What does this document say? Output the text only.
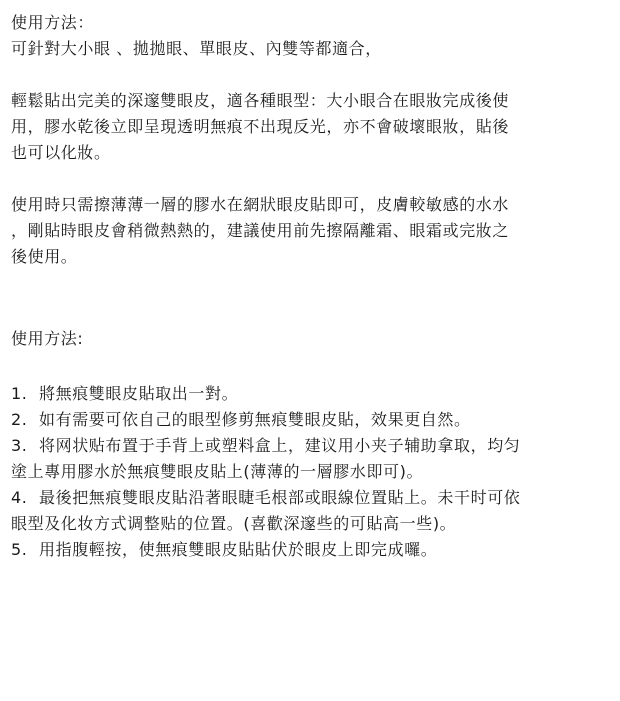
使用方法：
可針對大小眼 、拋拋眼、單眼皮、內雙等都適合，
輕鬆貼出完美的深邃雙眼皮，適各種眼型：大小眼合在眼妝完成後使
用，膠水乾後立即呈現透明無痕不出現反光，亦不會破壞眼妝，貼後
也可以化妝。
使用時只需擦薄薄一層的膠水在網狀眼皮貼即可，皮膚較敏感的水水
，剛貼時眼皮會稍微熱熱的，建議使用前先擦隔離霜、眼霜或完妝之
後使用。
使用方法:
1. 將無痕雙眼皮貼取出一對。
2. 如有需要可依自己的眼型修剪無痕雙眼皮貼，效果更自然。
3. 将网状贴布置于手背上或塑料盒上，建议用小夹子辅助拿取，均匀
塗上專用膠水於無痕雙眼皮貼上(薄薄的一層膠水即可)。
4. 最後把無痕雙眼皮貼沿著眼睫毛根部或眼線位置貼上。未干时可依
眼型及化妆方式调整贴的位置。(喜歡深邃些的可貼高一些)。
5. 用指腹輕按，使無痕雙眼皮貼貼伏於眼皮上即完成囉。
